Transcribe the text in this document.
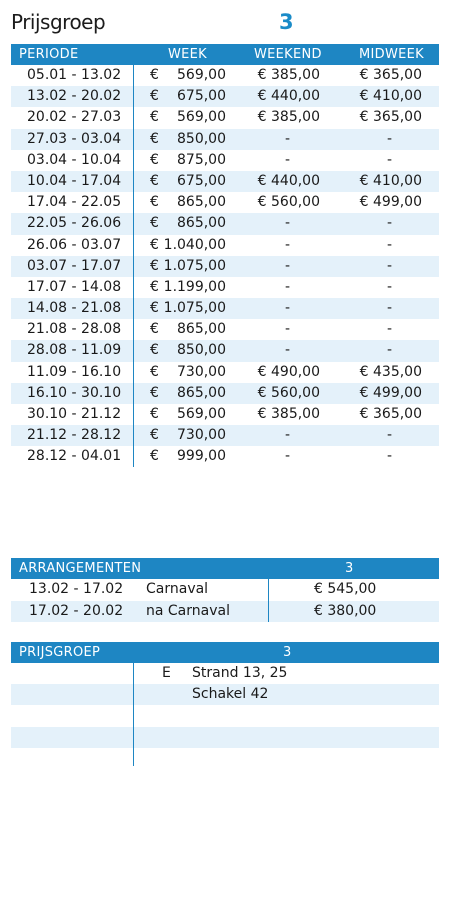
Prijsgroep	3
PERIODE	WEEK	WEEKEND	MIDWEEK
05.01 - 13.02 € 569,00 € 385,00	€ 365,00
13.02 - 20.02 € 675,00 € 440,00	€ 410,00
20.02 - 27.03 € 569,00 € 385,00	€ 365,00
27.03 - 03.04 € 850,00	-	-
03.04 - 10.04 € 875,00	-	-
10.04 - 17.04 € 675,00 € 440,00	€ 410,00
17.04 - 22.05 € 865,00 € 560,00	€ 499,00
22.05 - 26.06 € 865,00	-	-
26.06 - 03.07 € 1.040,00	-	-
03.07 - 17.07 € 1.075,00	-	-
17.07 - 14.08 € 1.199,00	-	-
14.08 - 21.08 € 1.075,00	-	-
21.08 - 28.08 € 865,00	-	-
28.08 - 11.09 € 850,00	-	-
11.09 - 16.10 € 730,00 € 490,00	€ 435,00
16.10 - 30.10 € 865,00 € 560,00	€ 499,00
30.10 - 21.12 € 569,00 € 385,00	€ 365,00
21.12 - 28.12 € 730,00	-	-
28.12 - 04.01 € 999,00	-	-
ARRANGEMENTEN	3
13.02 - 17.02 Carnaval	€ 545,00
17.02 - 20.02 na Carnaval	€ 380,00
PRIJSGROEP	3
E Strand 13, 25
Schakel 42
